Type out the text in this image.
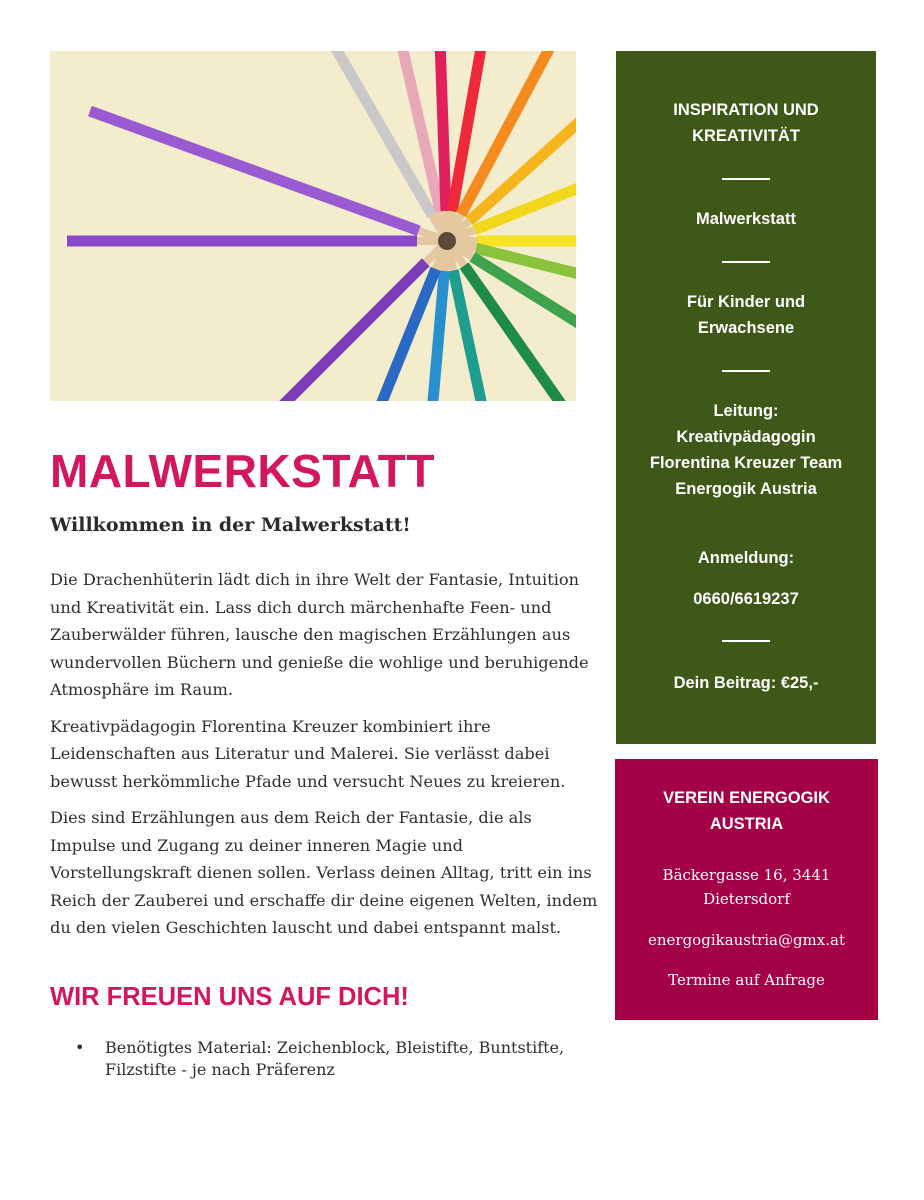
MALWERKSTATT
Willkommen in der Malwerkstatt!

Die Drachenhüterin lädt dich in ihre Welt der Fantasie, Intuition und Kreativität ein. Lass dich durch märchenhafte Feen- und Zauberwälder führen, lausche den magischen Erzählungen aus wundervollen Büchern und genieße die wohlige und beruhigende Atmosphäre im Raum.

Kreativpädagogin Florentina Kreuzer kombiniert ihre Leidenschaften aus Literatur und Malerei. Sie verlässt dabei bewusst herkömmliche Pfade und versucht Neues zu kreieren.

Dies sind Erzählungen aus dem Reich der Fantasie, die als Impulse und Zugang zu deiner inneren Magie und Vorstellungskraft dienen sollen. Verlass deinen Alltag, tritt ein ins Reich der Zauberei und erschaffe dir deine eigenen Welten, indem du den vielen Geschichten lauscht und dabei entspannt malst.

WIR FREUEN UNS AUF DICH!
• Benötigtes Material: Zeichenblock, Bleistifte, Buntstifte, Filzstifte - je nach Präferenz
INSPIRATION UND KREATIVITÄT
Malwerkstatt
Für Kinder und Erwachsene
Leitung: Kreativpädagogin Florentina Kreuzer Team Energogik Austria
Anmeldung:
0660/6619237
Dein Beitrag: €25,-
VEREIN ENERGOGIK AUSTRIA
Bäckergasse 16, 3441 Dietersdorf
energogikaustria@gmx.at
Termine auf Anfrage
